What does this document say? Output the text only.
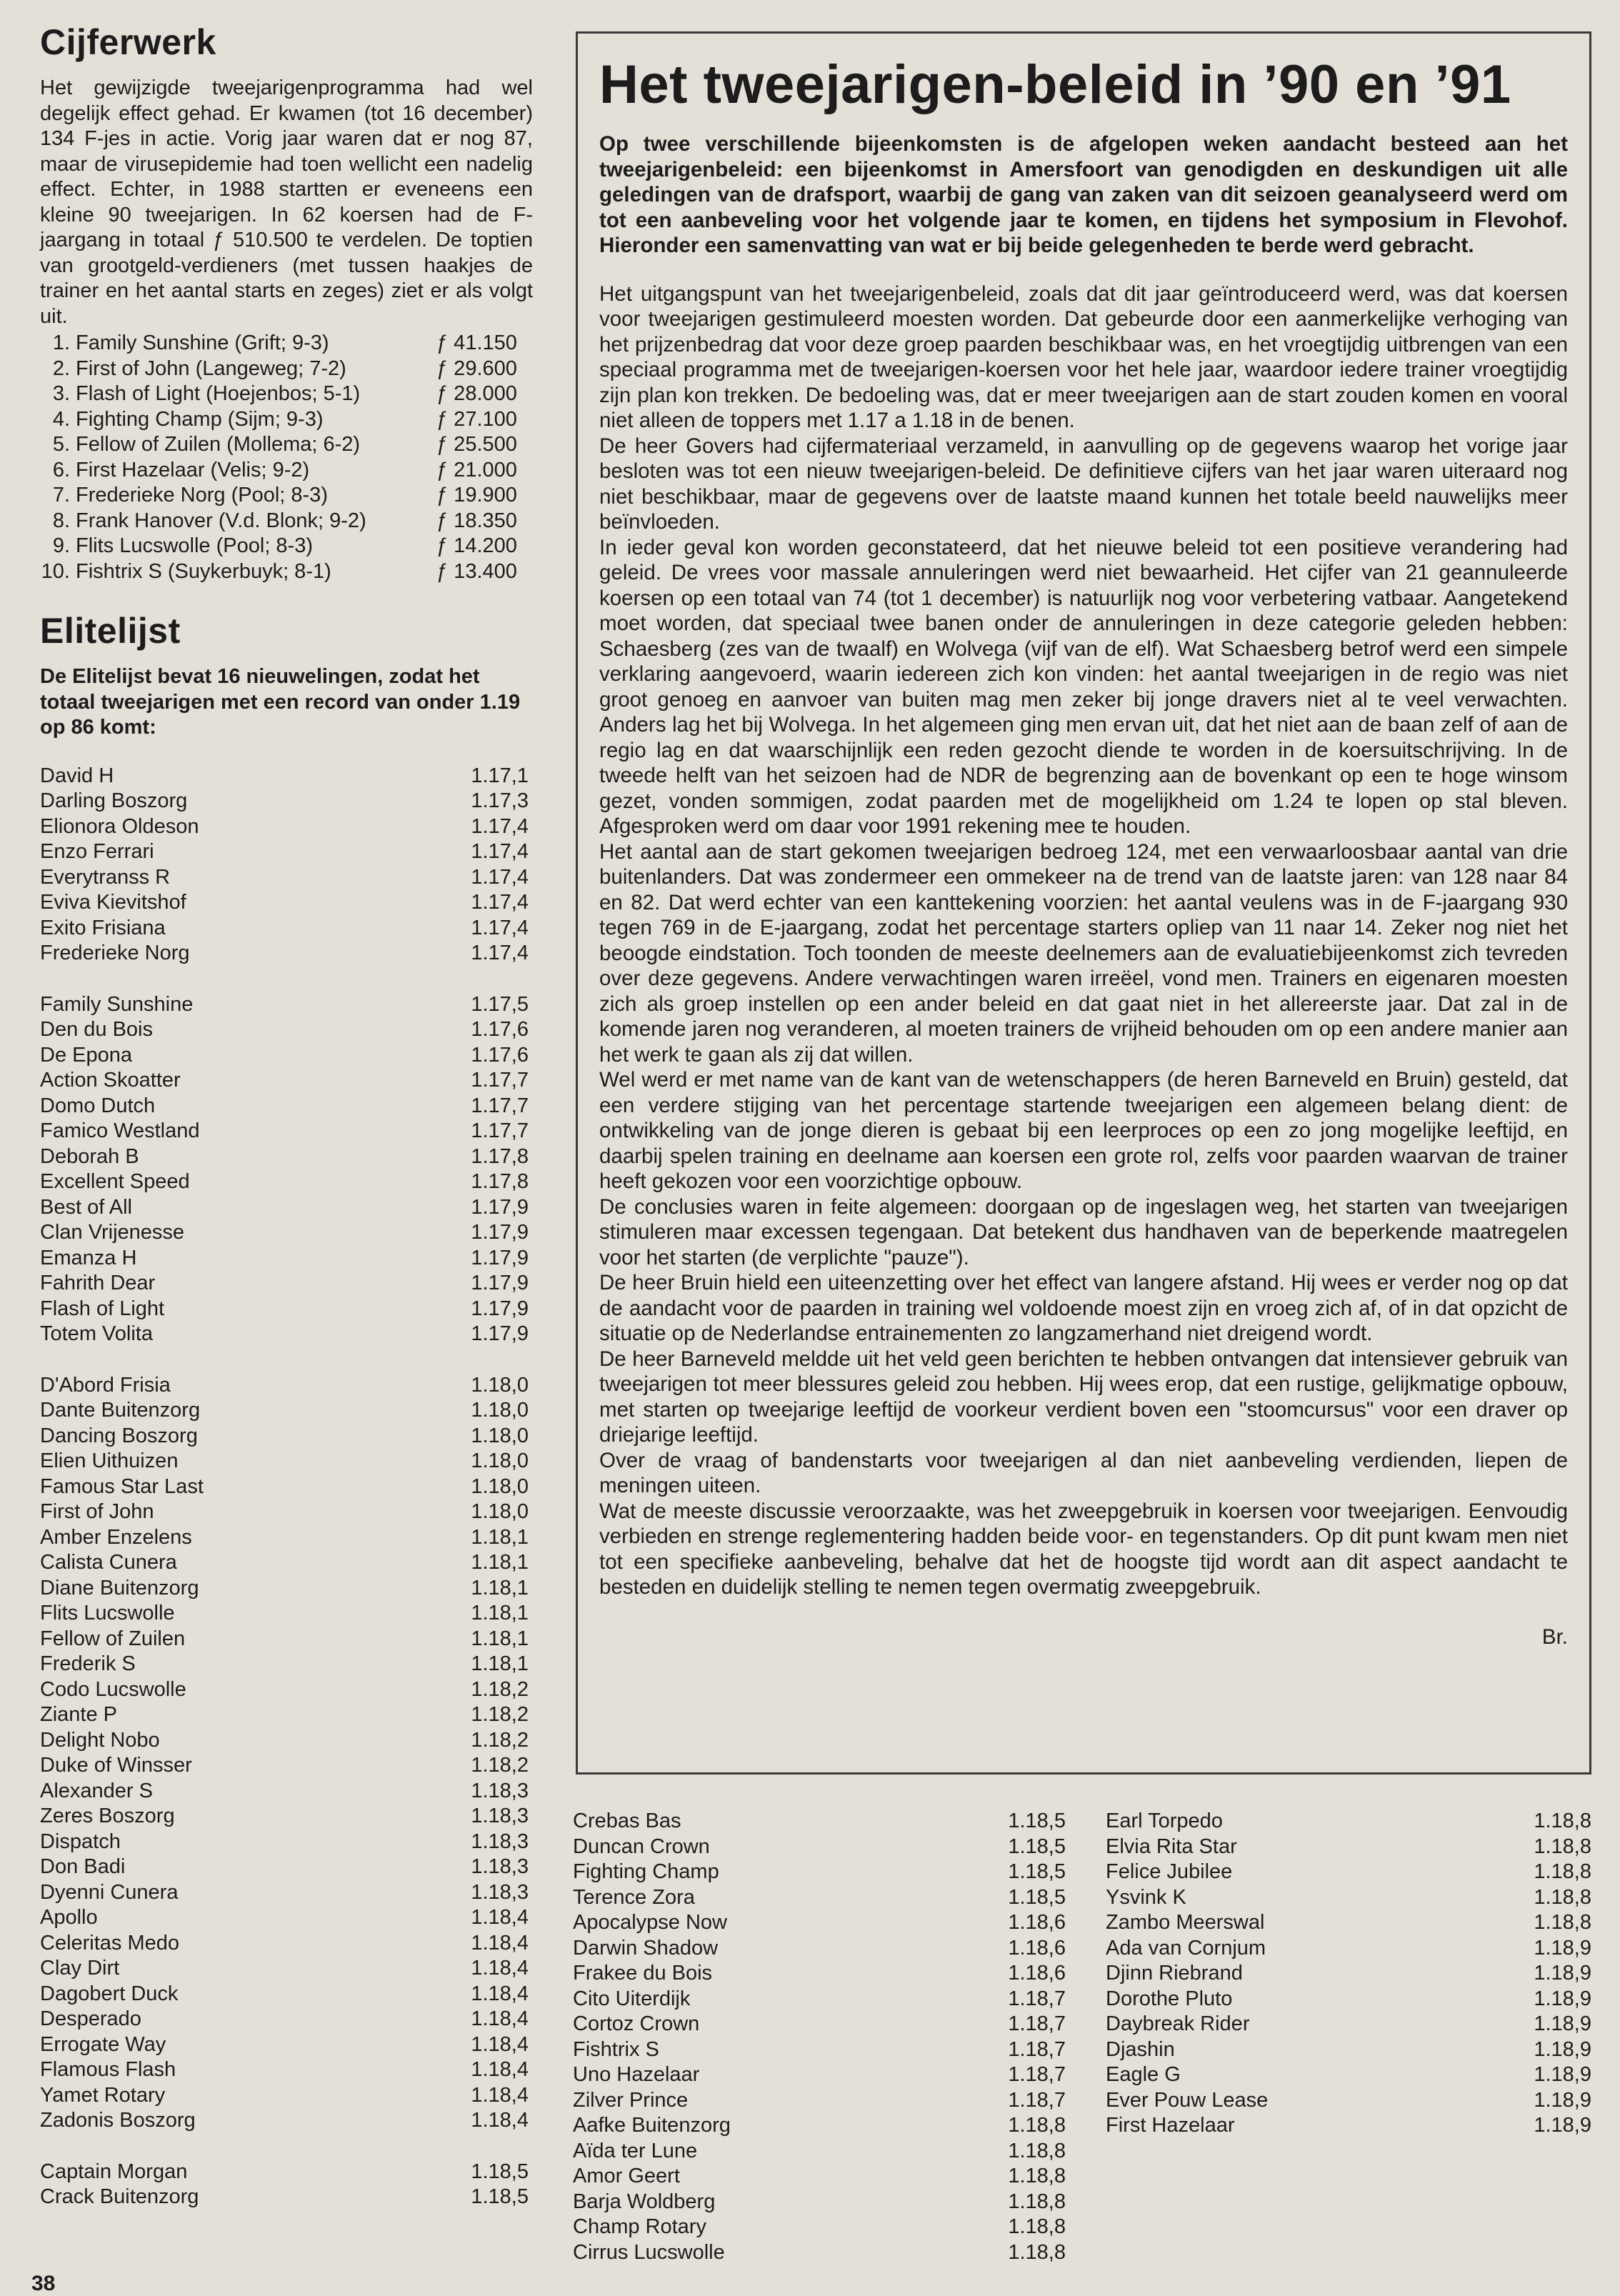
Cijferwerk

Het gewijzigde tweejarigenprogramma had wel degelijk effect gehad. Er kwamen (tot 16 december) 134 F-jes in actie. Vorig jaar waren dat er nog 87, maar de virusepidemie had toen wellicht een nadelig effect. Echter, in 1988 startten er eveneens een kleine 90 tweejarigen. In 62 koersen had de F-jaargang in totaal ƒ 510.500 te verdelen. De toptien van grootgeld-verdieners (met tussen haakjes de trainer en het aantal starts en zeges) ziet er als volgt uit.

1. Family Sunshine (Grift; 9-3)	ƒ 41.150
2. First of John (Langeweg; 7-2)	ƒ 29.600
3. Flash of Light (Hoejenbos; 5-1)	ƒ 28.000
4. Fighting Champ (Sijm; 9-3)	ƒ 27.100
5. Fellow of Zuilen (Mollema; 6-2)	ƒ 25.500
6. First Hazelaar (Velis; 9-2)	ƒ 21.000
7. Frederieke Norg (Pool; 8-3)	ƒ 19.900
8. Frank Hanover (V.d. Blonk; 9-2)	ƒ 18.350
9. Flits Lucswolle (Pool; 8-3)	ƒ 14.200
10. Fishtrix S (Suykerbuyk; 8-1)	ƒ 13.400
Elitelijst

De Elitelijst bevat 16 nieuwelingen, zodat het totaal tweejarigen met een record van onder 1.19 op 86 komt:

David H	1.17,1
Darling Boszorg	1.17,3
Elionora Oldeson	1.17,4
Enzo Ferrari	1.17,4
Everytranss R	1.17,4
Eviva Kievitshof	1.17,4
Exito Frisiana	1.17,4
Frederieke Norg	1.17,4
Family Sunshine	1.17,5
Den du Bois	1.17,6
De Epona	1.17,6
Action Skoatter	1.17,7
Domo Dutch	1.17,7
Famico Westland	1.17,7
Deborah B	1.17,8
Excellent Speed	1.17,8
Best of All	1.17,9
Clan Vrijenesse	1.17,9
Emanza H	1.17,9
Fahrith Dear	1.17,9
Flash of Light	1.17,9
Totem Volita	1.17,9
D'Abord Frisia	1.18,0
Dante Buitenzorg	1.18,0
Dancing Boszorg	1.18,0
Elien Uithuizen	1.18,0
Famous Star Last	1.18,0
First of John	1.18,0
Amber Enzelens	1.18,1
Calista Cunera	1.18,1
Diane Buitenzorg	1.18,1
Flits Lucswolle	1.18,1
Fellow of Zuilen	1.18,1
Frederik S	1.18,1
Codo Lucswolle	1.18,2
Ziante P	1.18,2
Delight Nobo	1.18,2
Duke of Winsser	1.18,2
Alexander S	1.18,3
Zeres Boszorg	1.18,3
Dispatch	1.18,3
Don Badi	1.18,3
Dyenni Cunera	1.18,3
Apollo	1.18,4
Celeritas Medo	1.18,4
Clay Dirt	1.18,4
Dagobert Duck	1.18,4
Desperado	1.18,4
Errogate Way	1.18,4
Flamous Flash	1.18,4
Yamet Rotary	1.18,4
Zadonis Boszorg	1.18,4
Captain Morgan	1.18,5
Crack Buitenzorg	1.18,5
Het tweejarigen-beleid in ’90 en ’91

Op twee verschillende bijeenkomsten is de afgelopen weken aandacht besteed aan het tweejarigenbeleid: een bijeenkomst in Amersfoort van genodigden en deskundigen uit alle geledingen van de drafsport, waarbij de gang van zaken van dit seizoen geanalyseerd werd om tot een aanbeveling voor het volgende jaar te komen, en tijdens het symposium in Flevohof. Hieronder een samenvatting van wat er bij beide gelegenheden te berde werd gebracht.

Het uitgangspunt van het tweejarigenbeleid, zoals dat dit jaar geïntroduceerd werd, was dat koersen voor tweejarigen gestimuleerd moesten worden. Dat gebeurde door een aanmerkelijke verhoging van het prijzenbedrag dat voor deze groep paarden beschikbaar was, en het vroegtijdig uitbrengen van een speciaal programma met de tweejarigen-koersen voor het hele jaar, waardoor iedere trainer vroegtijdig zijn plan kon trekken. De bedoeling was, dat er meer tweejarigen aan de start zouden komen en vooral niet alleen de toppers met 1.17 a 1.18 in de benen.

De heer Govers had cijfermateriaal verzameld, in aanvulling op de gegevens waarop het vorige jaar besloten was tot een nieuw tweejarigen-beleid. De definitieve cijfers van het jaar waren uiteraard nog niet beschikbaar, maar de gegevens over de laatste maand kunnen het totale beeld nauwelijks meer beïnvloeden.

In ieder geval kon worden geconstateerd, dat het nieuwe beleid tot een positieve verandering had geleid. De vrees voor massale annuleringen werd niet bewaarheid. Het cijfer van 21 geannuleerde koersen op een totaal van 74 (tot 1 december) is natuurlijk nog voor verbetering vatbaar. Aangetekend moet worden, dat speciaal twee banen onder de annuleringen in deze categorie geleden hebben: Schaesberg (zes van de twaalf) en Wolvega (vijf van de elf). Wat Schaesberg betrof werd een simpele verklaring aangevoerd, waarin iedereen zich kon vinden: het aantal tweejarigen in de regio was niet groot genoeg en aanvoer van buiten mag men zeker bij jonge dravers niet al te veel verwachten. Anders lag het bij Wolvega. In het algemeen ging men ervan uit, dat het niet aan de baan zelf of aan de regio lag en dat waarschijnlijk een reden gezocht diende te worden in de koersuitschrijving. In de tweede helft van het seizoen had de NDR de begrenzing aan de bovenkant op een te hoge winsom gezet, vonden sommigen, zodat paarden met de mogelijkheid om 1.24 te lopen op stal bleven. Afgesproken werd om daar voor 1991 rekening mee te houden.

Het aantal aan de start gekomen tweejarigen bedroeg 124, met een verwaarloosbaar aantal van drie buitenlanders. Dat was zondermeer een ommekeer na de trend van de laatste jaren: van 128 naar 84 en 82. Dat werd echter van een kanttekening voorzien: het aantal veulens was in de F-jaargang 930 tegen 769 in de E-jaargang, zodat het percentage starters opliep van 11 naar 14. Zeker nog niet het beoogde eindstation. Toch toonden de meeste deelnemers aan de evaluatiebijeenkomst zich tevreden over deze gegevens. Andere verwachtingen waren irreëel, vond men. Trainers en eigenaren moesten zich als groep instellen op een ander beleid en dat gaat niet in het allereerste jaar. Dat zal in de komende jaren nog veranderen, al moeten trainers de vrijheid behouden om op een andere manier aan het werk te gaan als zij dat willen.

Wel werd er met name van de kant van de wetenschappers (de heren Barneveld en Bruin) gesteld, dat een verdere stijging van het percentage startende tweejarigen een algemeen belang dient: de ontwikkeling van de jonge dieren is gebaat bij een leerproces op een zo jong mogelijke leeftijd, en daarbij spelen training en deelname aan koersen een grote rol, zelfs voor paarden waarvan de trainer heeft gekozen voor een voorzichtige opbouw.

De conclusies waren in feite algemeen: doorgaan op de ingeslagen weg, het starten van tweejarigen stimuleren maar excessen tegengaan. Dat betekent dus handhaven van de beperkende maatregelen voor het starten (de verplichte "pauze").

De heer Bruin hield een uiteenzetting over het effect van langere afstand. Hij wees er verder nog op dat de aandacht voor de paarden in training wel voldoende moest zijn en vroeg zich af, of in dat opzicht de situatie op de Nederlandse entrainementen zo langzamerhand niet dreigend wordt.

De heer Barneveld meldde uit het veld geen berichten te hebben ontvangen dat intensiever gebruik van tweejarigen tot meer blessures geleid zou hebben. Hij wees erop, dat een rustige, gelijkmatige opbouw, met starten op tweejarige leeftijd de voorkeur verdient boven een "stoomcursus" voor een draver op driejarige leeftijd.

Over de vraag of bandenstarts voor tweejarigen al dan niet aanbeveling verdienden, liepen de meningen uiteen.

Wat de meeste discussie veroorzaakte, was het zweepgebruik in koersen voor tweejarigen. Eenvoudig verbieden en strenge reglementering hadden beide voor- en tegenstanders. Op dit punt kwam men niet tot een specifieke aanbeveling, behalve dat het de hoogste tijd wordt aan dit aspect aandacht te besteden en duidelijk stelling te nemen tegen overmatig zweepgebruik.

Br.
Crebas Bas	1.18,5
Duncan Crown	1.18,5
Fighting Champ	1.18,5
Terence Zora	1.18,5
Apocalypse Now	1.18,6
Darwin Shadow	1.18,6
Frakee du Bois	1.18,6
Cito Uiterdijk	1.18,7
Cortoz Crown	1.18,7
Fishtrix S	1.18,7
Uno Hazelaar	1.18,7
Zilver Prince	1.18,7
Aafke Buitenzorg	1.18,8
Aïda ter Lune	1.18,8
Amor Geert	1.18,8
Barja Woldberg	1.18,8
Champ Rotary	1.18,8
Cirrus Lucswolle	1.18,8
Earl Torpedo	1.18,8
Elvia Rita Star	1.18,8
Felice Jubilee	1.18,8
Ysvink K	1.18,8
Zambo Meerswal	1.18,8
Ada van Cornjum	1.18,9
Djinn Riebrand	1.18,9
Dorothe Pluto	1.18,9
Daybreak Rider	1.18,9
Djashin	1.18,9
Eagle G	1.18,9
Ever Pouw Lease	1.18,9
First Hazelaar	1.18,9
38
